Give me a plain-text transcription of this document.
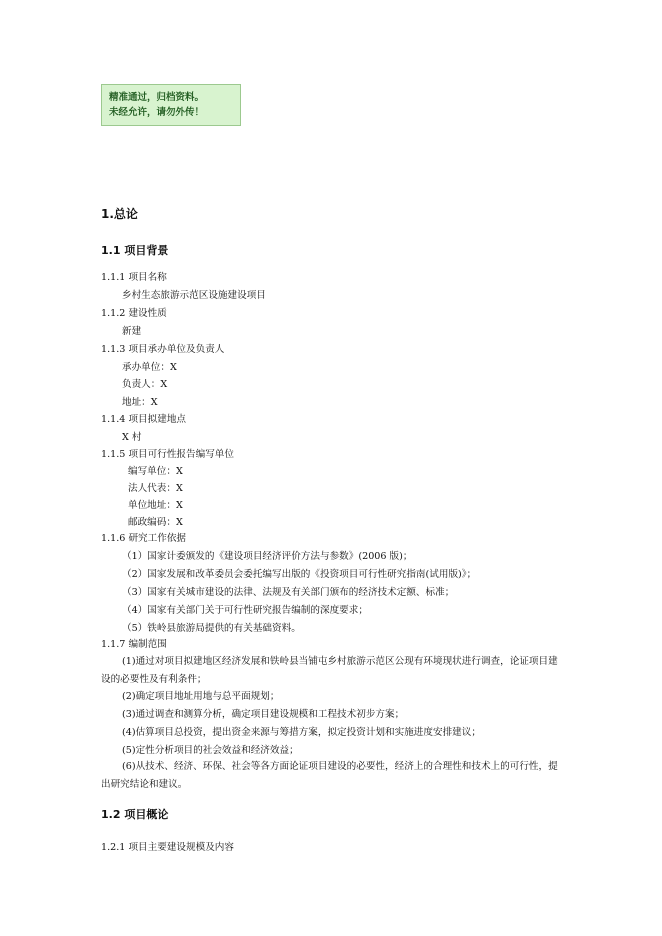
精准通过，归档资料。
未经允许，请勿外传！
1.总论
1.1 项目背景
1.1.1 项目名称
乡村生态旅游示范区设施建设项目
1.1.2 建设性质
新建
1.1.3 项目承办单位及负责人
承办单位：X
负责人：X
地址：X
1.1.4 项目拟建地点
X 村
1.1.5 项目可行性报告编写单位
编写单位：X
法人代表：X
单位地址：X
邮政编码：X
1.1.6 研究工作依据
（1）国家计委颁发的《建设项目经济评价方法与参数》(2006 版)；
（2）国家发展和改革委员会委托编写出版的《投资项目可行性研究指南(试用版)》；
（3）国家有关城市建设的法律、法规及有关部门颁布的经济技术定额、标准；
（4）国家有关部门关于可行性研究报告编制的深度要求；
（5）铁岭县旅游局提供的有关基础资料。
1.1.7 编制范围
(1)通过对项目拟建地区经济发展和铁岭县当铺屯乡村旅游示范区公现有环境现状进行调查，论证项目建设的必要性及有利条件；
(2)确定项目地址用地与总平面规划；
(3)通过调查和测算分析，确定项目建设规模和工程技术初步方案；
(4)估算项目总投资，提出资金来源与筹措方案，拟定投资计划和实施进度安排建议；
(5)定性分析项目的社会效益和经济效益；
(6)从技术、经济、环保、社会等各方面论证项目建设的必要性，经济上的合理性和技术上的可行性，提出研究结论和建议。
1.2 项目概论
1.2.1 项目主要建设规模及内容
